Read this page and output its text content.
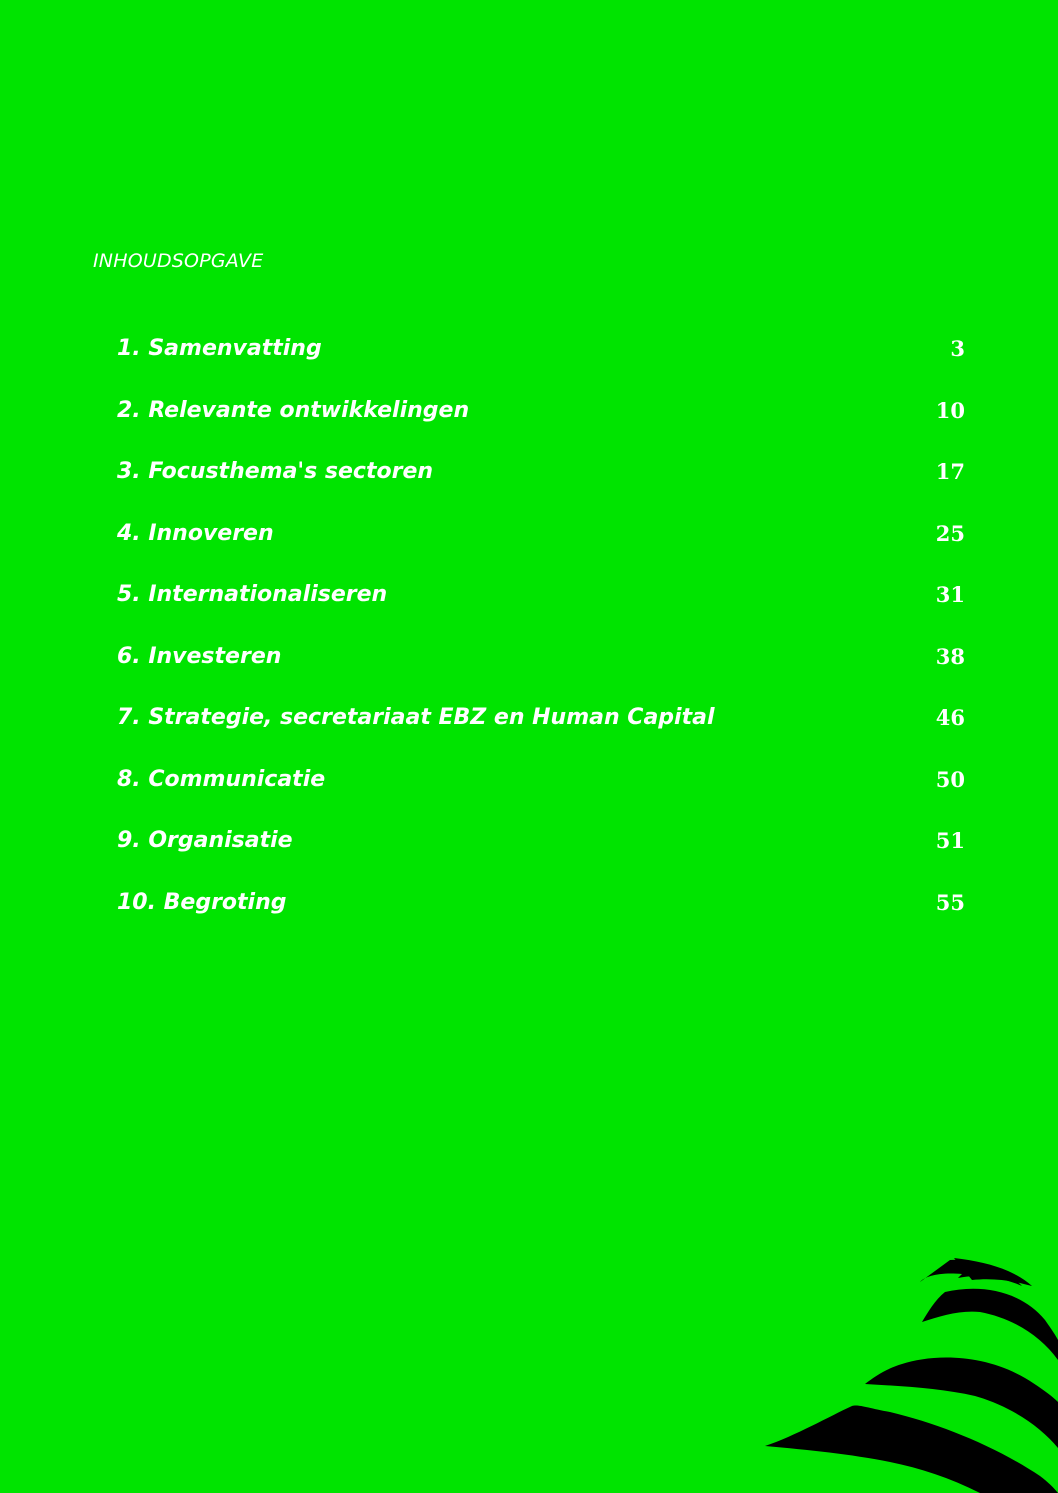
INHOUDSOPGAVE
1. Samenvatting	3
2. Relevante ontwikkelingen	10
3. Focusthema's sectoren	17
4. Innoveren	25
5. Internationaliseren	31
6. Investeren	38
7. Strategie, secretariaat EBZ en Human Capital	46
8. Communicatie	50
9. Organisatie	51
10. Begroting	55
